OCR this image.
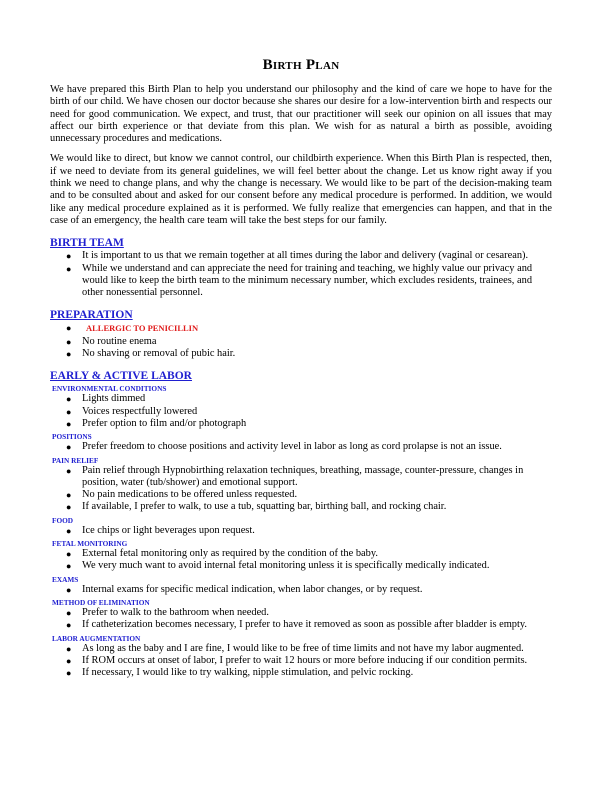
Birth Plan

We have prepared this Birth Plan to help you understand our philosophy and the kind of care we hope to have for the birth of our child. We have chosen our doctor because she shares our desire for a low-intervention birth and respects our need for good communication. We expect, and trust, that our practitioner will seek our opinion on all issues that may affect our birth experience or that deviate from this plan. We wish for as natural a birth as possible, avoiding unnecessary procedures and medications.

We would like to direct, but know we cannot control, our childbirth experience. When this Birth Plan is respected, then, if we need to deviate from its general guidelines, we will feel better about the change. Let us know right away if you think we need to change plans, and why the change is necessary. We would like to be part of the decision-making team and to be consulted about and asked for our consent before any medical procedure is performed. In addition, we would like any medical procedure explained as it is performed. We fully realize that emergencies can happen, and that in the case of an emergency, the health care team will take the best steps for our family.

BIRTH TEAM
● It is important to us that we remain together at all times during the labor and delivery (vaginal or cesarean).
● While we understand and can appreciate the need for training and teaching, we highly value our privacy and would like to keep the birth team to the minimum necessary number, which excludes residents, trainees, and other nonessential personnel.
PREPARATION
● ALLERGIC TO PENICILLIN
● No routine enema
● No shaving or removal of pubic hair.
EARLY & ACTIVE LABOR
ENVIRONMENTAL CONDITIONS
● Lights dimmed
● Voices respectfully lowered
● Prefer option to film and/or photograph
POSITIONS
● Prefer freedom to choose positions and activity level in labor as long as cord prolapse is not an issue.
PAIN RELIEF
● Pain relief through Hypnobirthing relaxation techniques, breathing, massage, counter-pressure, changes in position, water (tub/shower) and emotional support.
● No pain medications to be offered unless requested.
● If available, I prefer to walk, to use a tub, squatting bar, birthing ball, and rocking chair.
FOOD
● Ice chips or light beverages upon request.
FETAL MONITORING
● External fetal monitoring only as required by the condition of the baby.
● We very much want to avoid internal fetal monitoring unless it is specifically medically indicated.
EXAMS
● Internal exams for specific medical indication, when labor changes, or by request.
METHOD OF ELIMINATION
● Prefer to walk to the bathroom when needed.
● If catheterization becomes necessary, I prefer to have it removed as soon as possible after bladder is empty.
LABOR AUGMENTATION
● As long as the baby and I are fine, I would like to be free of time limits and not have my labor augmented.
● If ROM occurs at onset of labor, I prefer to wait 12 hours or more before inducing if our condition permits.
● If necessary, I would like to try walking, nipple stimulation, and pelvic rocking.
